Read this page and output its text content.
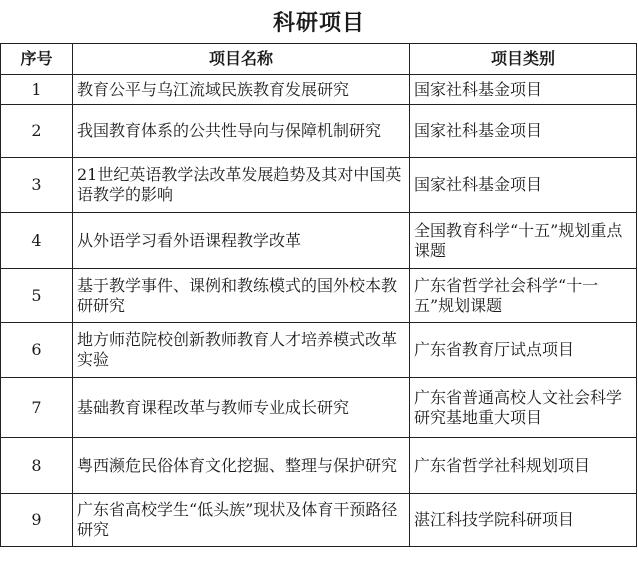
科研项目
序号	项目名称	项目类别
1	教育公平与乌江流域民族教育发展研究	国家社科基金项目
2	我国教育体系的公共性导向与保障机制研究	国家社科基金项目
3	21世纪英语教学法改革发展趋势及其对中国英语教学的影响	国家社科基金项目
4	从外语学习看外语课程教学改革	全国教育科学“十五”规划重点课题
5	基于教学事件、课例和教练模式的国外校本教研研究	广东省哲学社会科学“十一五”规划课题
6	地方师范院校创新教师教育人才培养模式改革实验	广东省教育厅试点项目
7	基础教育课程改革与教师专业成长研究	广东省普通高校人文社会科学研究基地重大项目
8	粤西濒危民俗体育文化挖掘、整理与保护研究	广东省哲学社科规划项目
9	广东省高校学生“低头族”现状及体育干预路径研究	湛江科技学院科研项目
